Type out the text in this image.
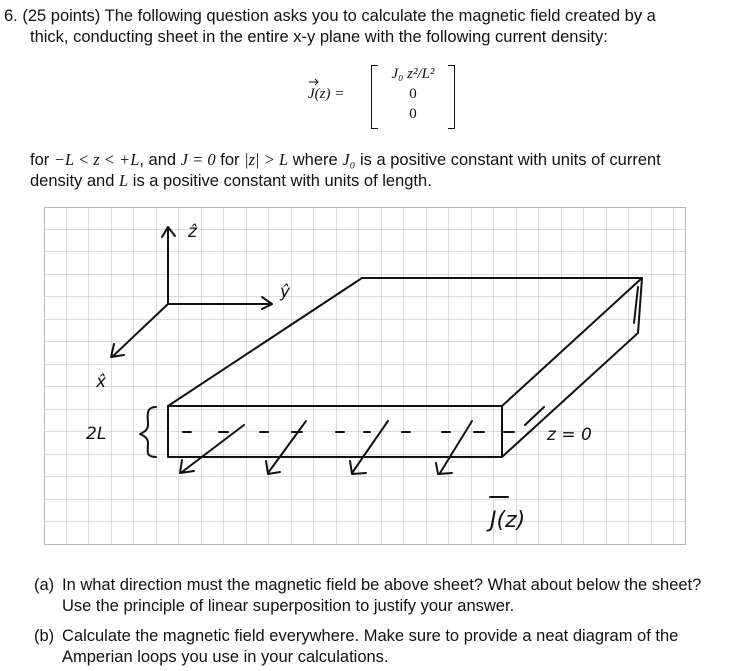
6. (25 points) The following question asks you to calculate the magnetic field created by a
thick, conducting sheet in the entire x-y plane with the following current density:
J(z) =
J₀ z²/L²
0
0
for −L < z < +L, and J = 0 for |z| > L where J₀ is a positive constant with units of current
density and L is a positive constant with units of length.
ẑ
ŷ
x̂
2L	z = 0
J(z)
(a) In what direction must the magnetic field be above sheet? What about below the sheet?
Use the principle of linear superposition to justify your answer.
(b) Calculate the magnetic field everywhere. Make sure to provide a neat diagram of the
Amperian loops you use in your calculations.
